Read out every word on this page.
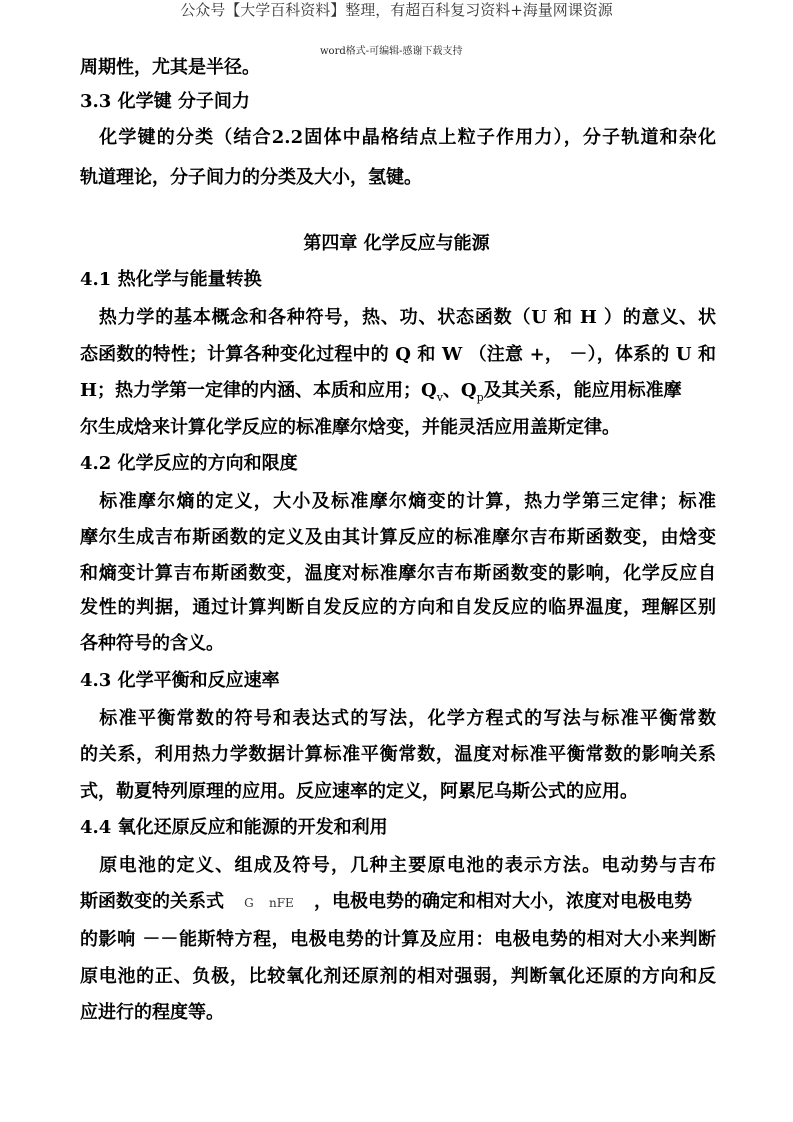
公众号【大学百科资料】整理，有超百科复习资料+海量网课资源
word格式-可编辑-感谢下载支持
周期性，尤其是半径。
3.3 化学键 分子间力
　化学键的分类（结合2.2固体中晶格结点上粒子作用力），分子轨道和杂化
轨道理论，分子间力的分类及大小，氢键。
第四章 化学反应与能源
4.1 热化学与能量转换
　热力学的基本概念和各种符号，热、功、状态函数（U 和 H ）的意义、状
态函数的特性；计算各种变化过程中的 Q 和 W （注意 +， －），体系的 U 和
H；热力学第一定律的内涵、本质和应用；$Q_v$、$Q_p$及其关系，能应用标准摩
尔生成焓来计算化学反应的标准摩尔焓变，并能灵活应用盖斯定律。
4.2 化学反应的方向和限度
　标准摩尔熵的定义，大小及标准摩尔熵变的计算，热力学第三定律；标准
摩尔生成吉布斯函数的定义及由其计算反应的标准摩尔吉布斯函数变，由焓变
和熵变计算吉布斯函数变，温度对标准摩尔吉布斯函数变的影响，化学反应自
发性的判据，通过计算判断自发反应的方向和自发反应的临界温度，理解区别
各种符号的含义。
4.3 化学平衡和反应速率
　标准平衡常数的符号和表达式的写法，化学方程式的写法与标准平衡常数
的关系，利用热力学数据计算标准平衡常数，温度对标准平衡常数的影响关系
式，勒夏特列原理的应用。反应速率的定义，阿累尼乌斯公式的应用。
4.4 氧化还原反应和能源的开发和利用
　原电池的定义、组成及符号，几种主要原电池的表示方法。电动势与吉布
斯函数变的关系式 G    nFE ，电极电势的确定和相对大小，浓度对电极电势
的影响 －－能斯特方程，电极电势的计算及应用：电极电势的相对大小来判断
原电池的正、负极，比较氧化剂还原剂的相对强弱，判断氧化还原的方向和反
应进行的程度等。
